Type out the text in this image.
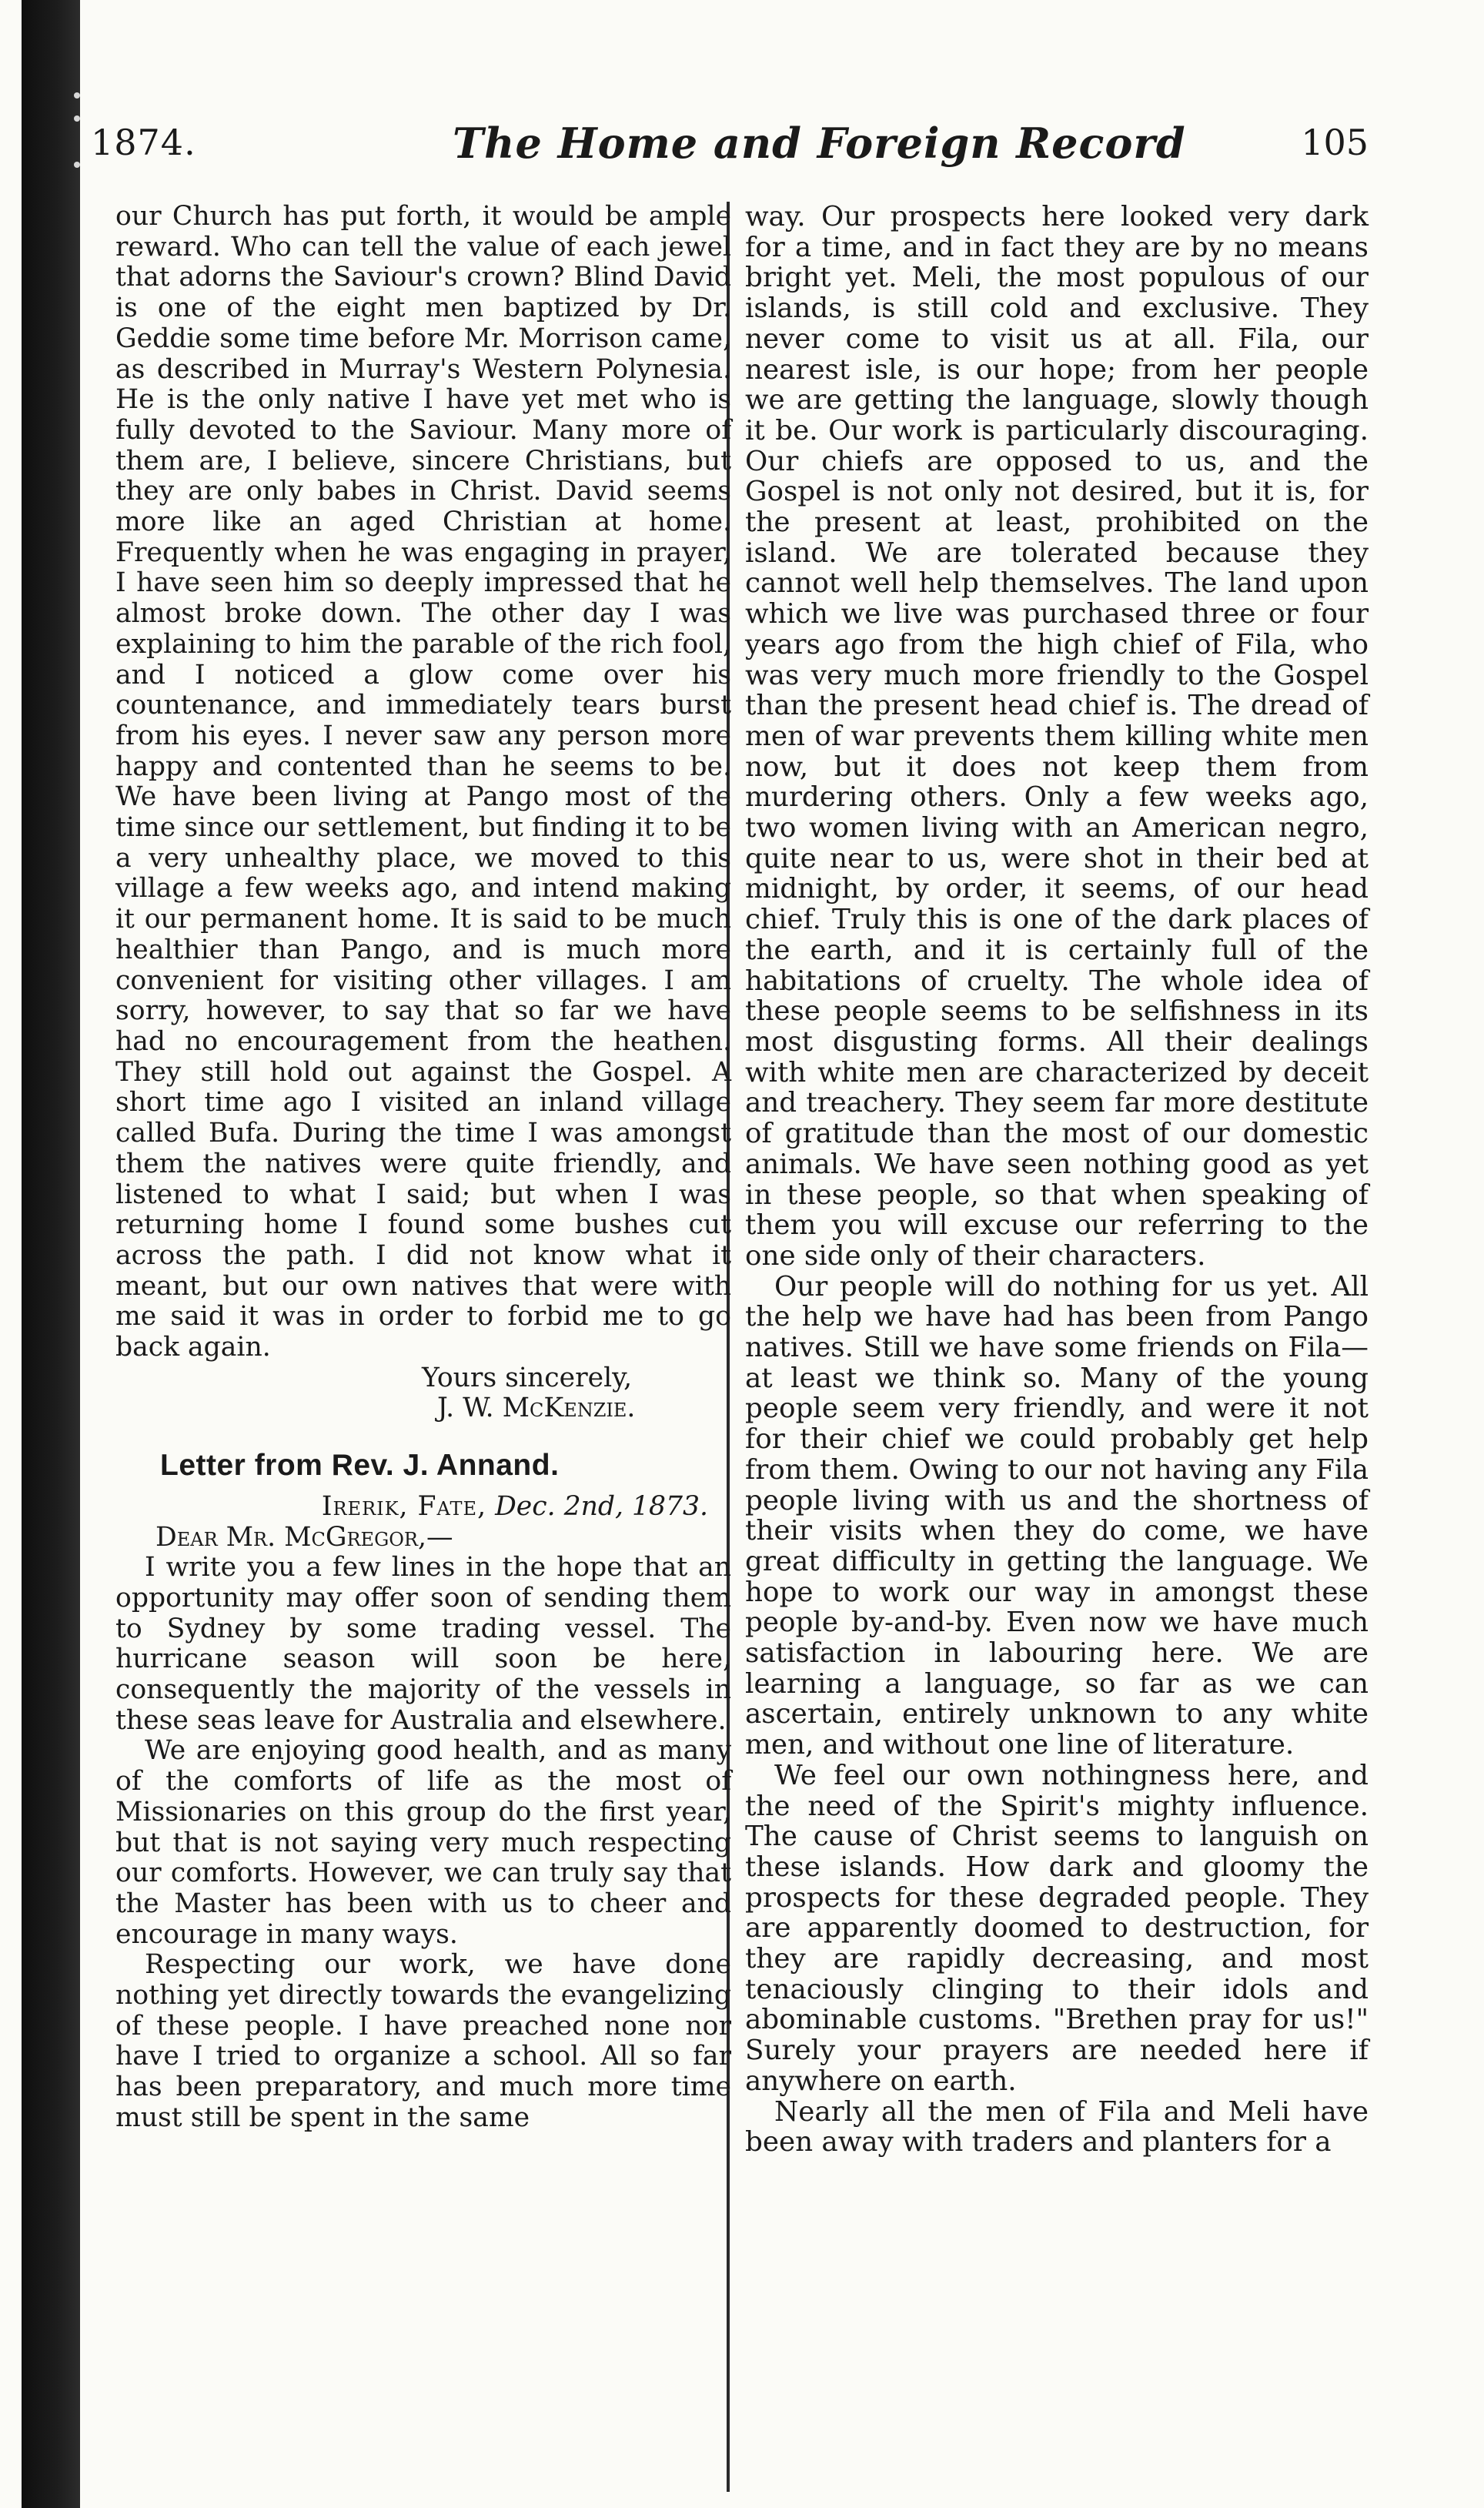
1874.	The Home and Foreign Record	105

our Church has put forth, it would be ample reward. Who can tell the value of each jewel that adorns the Saviour's crown? Blind David is one of the eight men baptized by Dr. Geddie some time before Mr. Morrison came, as described in Murray's Western Polynesia. He is the only native I have yet met who is fully devoted to the Saviour. Many more of them are, I believe, sincere Christians, but they are only babes in Christ. David seems more like an aged Christian at home. Frequently when he was engaging in prayer, I have seen him so deeply impressed that he almost broke down. The other day I was explaining to him the parable of the rich fool, and I noticed a glow come over his countenance, and immediately tears burst from his eyes. I never saw any person more happy and contented than he seems to be. We have been living at Pango most of the time since our settlement, but finding it to be a very unhealthy place, we moved to this village a few weeks ago, and intend making it our permanent home. It is said to be much healthier than Pango, and is much more convenient for visiting other villages. I am sorry, however, to say that so far we have had no encouragement from the heathen. They still hold out against the Gospel. A short time ago I visited an inland village called Bufa. During the time I was amongst them the natives were quite friendly, and listened to what I said; but when I was returning home I found some bushes cut across the path. I did not know what it meant, but our own natives that were with me said it was in order to forbid me to go back again.

Yours sincerely,

J. W. McKenzie.

Letter from Rev. J. Annand.

Irerik, Fate, Dec. 2nd, 1873.

Dear Mr. McGregor,—

I write you a few lines in the hope that an opportunity may offer soon of sending them to Sydney by some trading vessel. The hurricane season will soon be here, consequently the majority of the vessels in these seas leave for Australia and elsewhere.

We are enjoying good health, and as many of the comforts of life as the most of Missionaries on this group do the first year, but that is not saying very much respecting our comforts. However, we can truly say that the Master has been with us to cheer and encourage in many ways.

Respecting our work, we have done nothing yet directly towards the evangelizing of these people. I have preached none nor have I tried to organize a school. All so far has been preparatory, and much more time must still be spent in the same

way. Our prospects here looked very dark for a time, and in fact they are by no means bright yet. Meli, the most populous of our islands, is still cold and exclusive. They never come to visit us at all. Fila, our nearest isle, is our hope; from her people we are getting the language, slowly though it be. Our work is particularly discouraging. Our chiefs are opposed to us, and the Gospel is not only not desired, but it is, for the present at least, prohibited on the island. We are tolerated because they cannot well help themselves. The land upon which we live was purchased three or four years ago from the high chief of Fila, who was very much more friendly to the Gospel than the present head chief is. The dread of men of war prevents them killing white men now, but it does not keep them from murdering others. Only a few weeks ago, two women living with an American negro, quite near to us, were shot in their bed at midnight, by order, it seems, of our head chief. Truly this is one of the dark places of the earth, and it is certainly full of the habitations of cruelty. The whole idea of these people seems to be selfishness in its most disgusting forms. All their dealings with white men are characterized by deceit and treachery. They seem far more destitute of gratitude than the most of our domestic animals. We have seen nothing good as yet in these people, so that when speaking of them you will excuse our referring to the one side only of their characters.

Our people will do nothing for us yet. All the help we have had has been from Pango natives. Still we have some friends on Fila—at least we think so. Many of the young people seem very friendly, and were it not for their chief we could probably get help from them. Owing to our not having any Fila people living with us and the shortness of their visits when they do come, we have great difficulty in getting the language. We hope to work our way in amongst these people by-and-by. Even now we have much satisfaction in labouring here. We are learning a language, so far as we can ascertain, entirely unknown to any white men, and without one line of literature.

We feel our own nothingness here, and the need of the Spirit's mighty influence. The cause of Christ seems to languish on these islands. How dark and gloomy the prospects for these degraded people. They are apparently doomed to destruction, for they are rapidly decreasing, and most tenaciously clinging to their idols and abominable customs. "Brethen pray for us!" Surely your prayers are needed here if anywhere on earth.

Nearly all the men of Fila and Meli have been away with traders and planters for a
